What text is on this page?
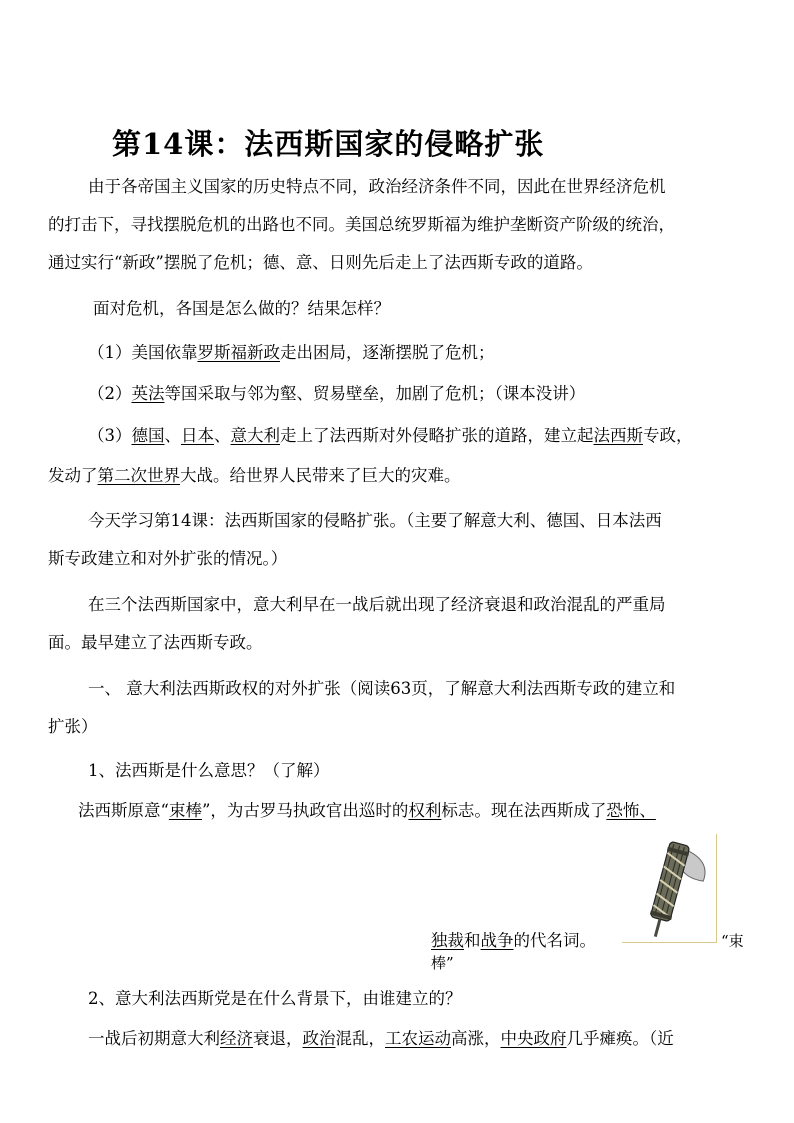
第14课：法西斯国家的侵略扩张
由于各帝国主义国家的历史特点不同，政治经济条件不同，因此在世界经济危机
的打击下，寻找摆脱危机的出路也不同。美国总统罗斯福为维护垄断资产阶级的统治，
通过实行“新政”摆脱了危机；德、意、日则先后走上了法西斯专政的道路。
面对危机，各国是怎么做的？结果怎样？
（1）美国依靠罗斯福新政走出困局，逐渐摆脱了危机；
（2）英法等国采取与邻为壑、贸易壁垒，加剧了危机；（课本没讲）
（3）德国、日本、意大利走上了法西斯对外侵略扩张的道路，建立起法西斯专政，
发动了第二次世界大战。给世界人民带来了巨大的灾难。
今天学习第14课：法西斯国家的侵略扩张。（主要了解意大利、德国、日本法西
斯专政建立和对外扩张的情况。）
在三个法西斯国家中，意大利早在一战后就出现了经济衰退和政治混乱的严重局
面。最早建立了法西斯专政。
一、 意大利法西斯政权的对外扩张（阅读63页，了解意大利法西斯专政的建立和
扩张）
1、法西斯是什么意思？（了解）
法西斯原意“束棒”，为古罗马执政官出巡时的权利标志。现在法西斯成了恐怖、
独裁和战争的代名词。	“束
棒”
2、意大利法西斯党是在什么背景下，由谁建立的？
一战后初期意大利经济衰退，政治混乱，工农运动高涨，中央政府几乎瘫痪。（近
